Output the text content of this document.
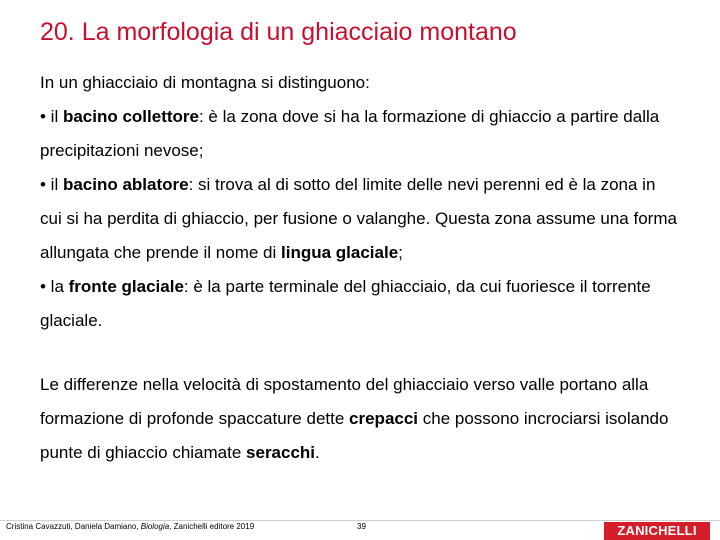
20. La morfologia di un ghiacciaio montano

In un ghiacciaio di montagna si distinguono:

• il bacino collettore: è la zona dove si ha la formazione di ghiaccio a partire dalla precipitazioni nevose;

• il bacino ablatore: si trova al di sotto del limite delle nevi perenni ed è la zona in cui si ha perdita di ghiaccio, per fusione o valanghe. Questa zona assume una forma allungata che prende il nome di lingua glaciale;

• la fronte glaciale: è la parte terminale del ghiacciaio, da cui fuoriesce il torrente glaciale.

Le differenze nella velocità di spostamento del ghiacciaio verso valle portano alla formazione di profonde spaccature dette crepacci che possono incrociarsi isolando punte di ghiaccio chiamate seracchi.

Cristina Cavazzuti, Daniela Damiano, Biologia, Zanichelli editore 2019	39	ZANICHELLI
